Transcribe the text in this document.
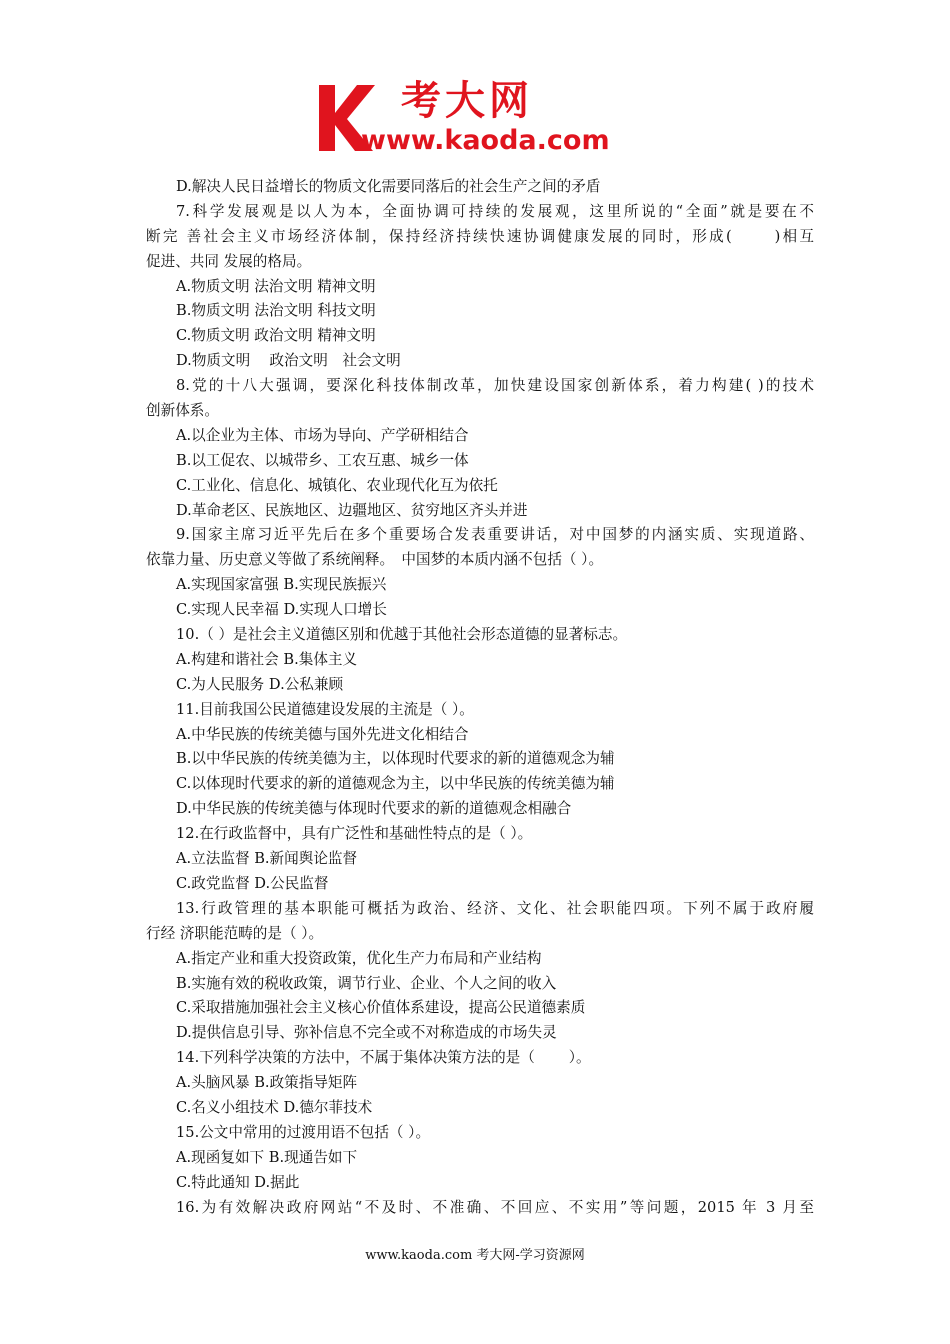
考大网
www.kaoda.com
D.解决人民日益增长的物质文化需要同落后的社会生产之间的矛盾
7.科学发展观是以人为本，全面协调可持续的发展观，这里所说的“全面”就是要在不
断完 善社会主义市场经济体制，保持经济持续快速协调健康发展的同时，形成(　　 )相互
促进、共同 发展的格局。
A.物质文明 法治文明 精神文明
B.物质文明 法治文明 科技文明
C.物质文明 政治文明 精神文明
D.物质文明　 政治文明　社会文明
8.党的十八大强调，要深化科技体制改革，加快建设国家创新体系，着力构建( )的技术
创新体系。
A.以企业为主体、市场为导向、产学研相结合
B.以工促农、以城带乡、工农互惠、城乡一体
C.工业化、信息化、城镇化、农业现代化互为依托
D.革命老区、民族地区、边疆地区、贫穷地区齐头并进
9.国家主席习近平先后在多个重要场合发表重要讲话，对中国梦的内涵实质、实现道路、
依靠力量、历史意义等做了系统阐释。　中国梦的本质内涵不包括（ ）。
A.实现国家富强 B.实现民族振兴
C.实现人民幸福 D.实现人口增长
10.（ ）是社会主义道德区别和优越于其他社会形态道德的显著标志。
A.构建和谐社会 B.集体主义
C.为人民服务 D.公私兼顾
11.目前我国公民道德建设发展的主流是（ ）。
A.中华民族的传统美德与国外先进文化相结合
B.以中华民族的传统美德为主，以体现时代要求的新的道德观念为辅
C.以体现时代要求的新的道德观念为主，以中华民族的传统美德为辅
D.中华民族的传统美德与体现时代要求的新的道德观念相融合
12.在行政监督中，具有广泛性和基础性特点的是（ ）。
A.立法监督 B.新闻舆论监督
C.政党监督 D.公民监督
13.行政管理的基本职能可概括为政治、经济、文化、社会职能四项。下列不属于政府履
行经 济职能范畴的是（ ）。
A.指定产业和重大投资政策，优化生产力布局和产业结构
B.实施有效的税收政策，调节行业、企业、个人之间的收入
C.采取措施加强社会主义核心价值体系建设，提高公民道德素质
D.提供信息引导、弥补信息不完全或不对称造成的市场失灵
14.下列科学决策的方法中，不属于集体决策方法的是（　　 ）。
A.头脑风暴 B.政策指导矩阵
C.名义小组技术 D.德尔菲技术
15.公文中常用的过渡用语不包括（ ）。
A.现函复如下 B.现通告如下
C.特此通知 D.据此
16.为有效解决政府网站“不及时、不准确、不回应、不实用”等问题，2015 年 3 月至
www.kaoda.com 考大网-学习资源网
